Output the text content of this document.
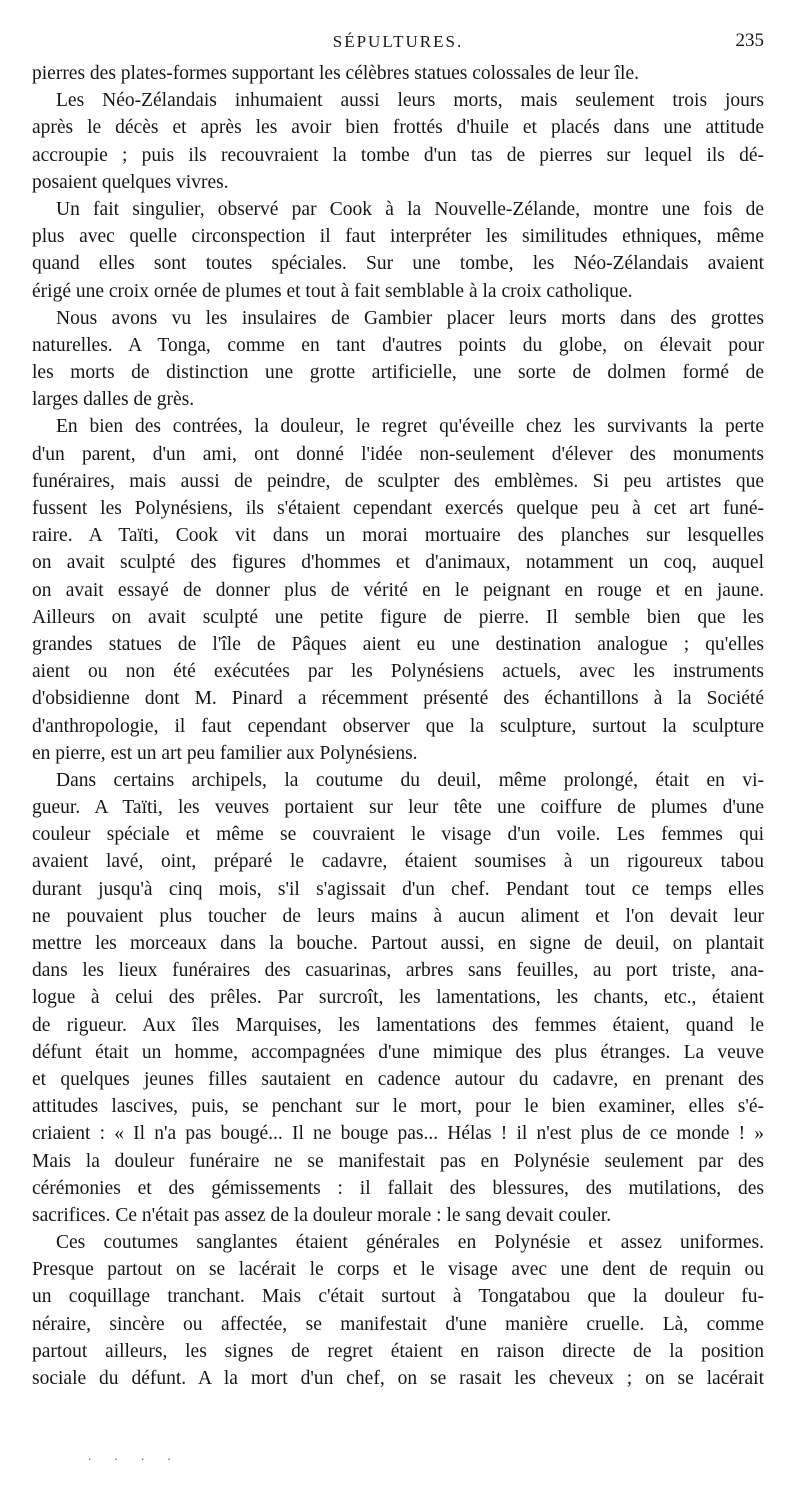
SÉPULTURES.	235
pierres des plates-formes supportant les célèbres statues colossales de leur île.
Les Néo-Zélandais inhumaient aussi leurs morts, mais seulement trois jours
après le décès et après les avoir bien frottés d'huile et placés dans une attitude
accroupie ; puis ils recouvraient la tombe d'un tas de pierres sur lequel ils dé-
posaient quelques vivres.
Un fait singulier, observé par Cook à la Nouvelle-Zélande, montre une fois de
plus avec quelle circonspection il faut interpréter les similitudes ethniques, même
quand elles sont toutes spéciales. Sur une tombe, les Néo-Zélandais avaient
érigé une croix ornée de plumes et tout à fait semblable à la croix catholique.
Nous avons vu les insulaires de Gambier placer leurs morts dans des grottes
naturelles. A Tonga, comme en tant d'autres points du globe, on élevait pour
les morts de distinction une grotte artificielle, une sorte de dolmen formé de
larges dalles de grès.
En bien des contrées, la douleur, le regret qu'éveille chez les survivants la perte
d'un parent, d'un ami, ont donné l'idée non-seulement d'élever des monuments
funéraires, mais aussi de peindre, de sculpter des emblèmes. Si peu artistes que
fussent les Polynésiens, ils s'étaient cependant exercés quelque peu à cet art funé-
raire. A Taïti, Cook vit dans un morai mortuaire des planches sur lesquelles
on avait sculpté des figures d'hommes et d'animaux, notamment un coq, auquel
on avait essayé de donner plus de vérité en le peignant en rouge et en jaune.
Ailleurs on avait sculpté une petite figure de pierre. Il semble bien que les
grandes statues de l'île de Pâques aient eu une destination analogue ; qu'elles
aient ou non été exécutées par les Polynésiens actuels, avec les instruments
d'obsidienne dont M. Pinard a récemment présenté des échantillons à la Société
d'anthropologie, il faut cependant observer que la sculpture, surtout la sculpture
en pierre, est un art peu familier aux Polynésiens.
Dans certains archipels, la coutume du deuil, même prolongé, était en vi-
gueur. A Taïti, les veuves portaient sur leur tête une coiffure de plumes d'une
couleur spéciale et même se couvraient le visage d'un voile. Les femmes qui
avaient lavé, oint, préparé le cadavre, étaient soumises à un rigoureux tabou
durant jusqu'à cinq mois, s'il s'agissait d'un chef. Pendant tout ce temps elles
ne pouvaient plus toucher de leurs mains à aucun aliment et l'on devait leur
mettre les morceaux dans la bouche. Partout aussi, en signe de deuil, on plantait
dans les lieux funéraires des casuarinas, arbres sans feuilles, au port triste, ana-
logue à celui des prêles. Par surcroît, les lamentations, les chants, etc., étaient
de rigueur. Aux îles Marquises, les lamentations des femmes étaient, quand le
défunt était un homme, accompagnées d'une mimique des plus étranges. La veuve
et quelques jeunes filles sautaient en cadence autour du cadavre, en prenant des
attitudes lascives, puis, se penchant sur le mort, pour le bien examiner, elles s'é-
criaient : « Il n'a pas bougé... Il ne bouge pas... Hélas ! il n'est plus de ce monde ! »
Mais la douleur funéraire ne se manifestait pas en Polynésie seulement par des
cérémonies et des gémissements : il fallait des blessures, des mutilations, des
sacrifices. Ce n'était pas assez de la douleur morale : le sang devait couler.
Ces coutumes sanglantes étaient générales en Polynésie et assez uniformes.
Presque partout on se lacérait le corps et le visage avec une dent de requin ou
un coquillage tranchant. Mais c'était surtout à Tongatabou que la douleur fu-
néraire, sincère ou affectée, se manifestait d'une manière cruelle. Là, comme
partout ailleurs, les signes de regret étaient en raison directe de la position
sociale du défunt. A la mort d'un chef, on se rasait les cheveux ; on se lacérait
. . . .
